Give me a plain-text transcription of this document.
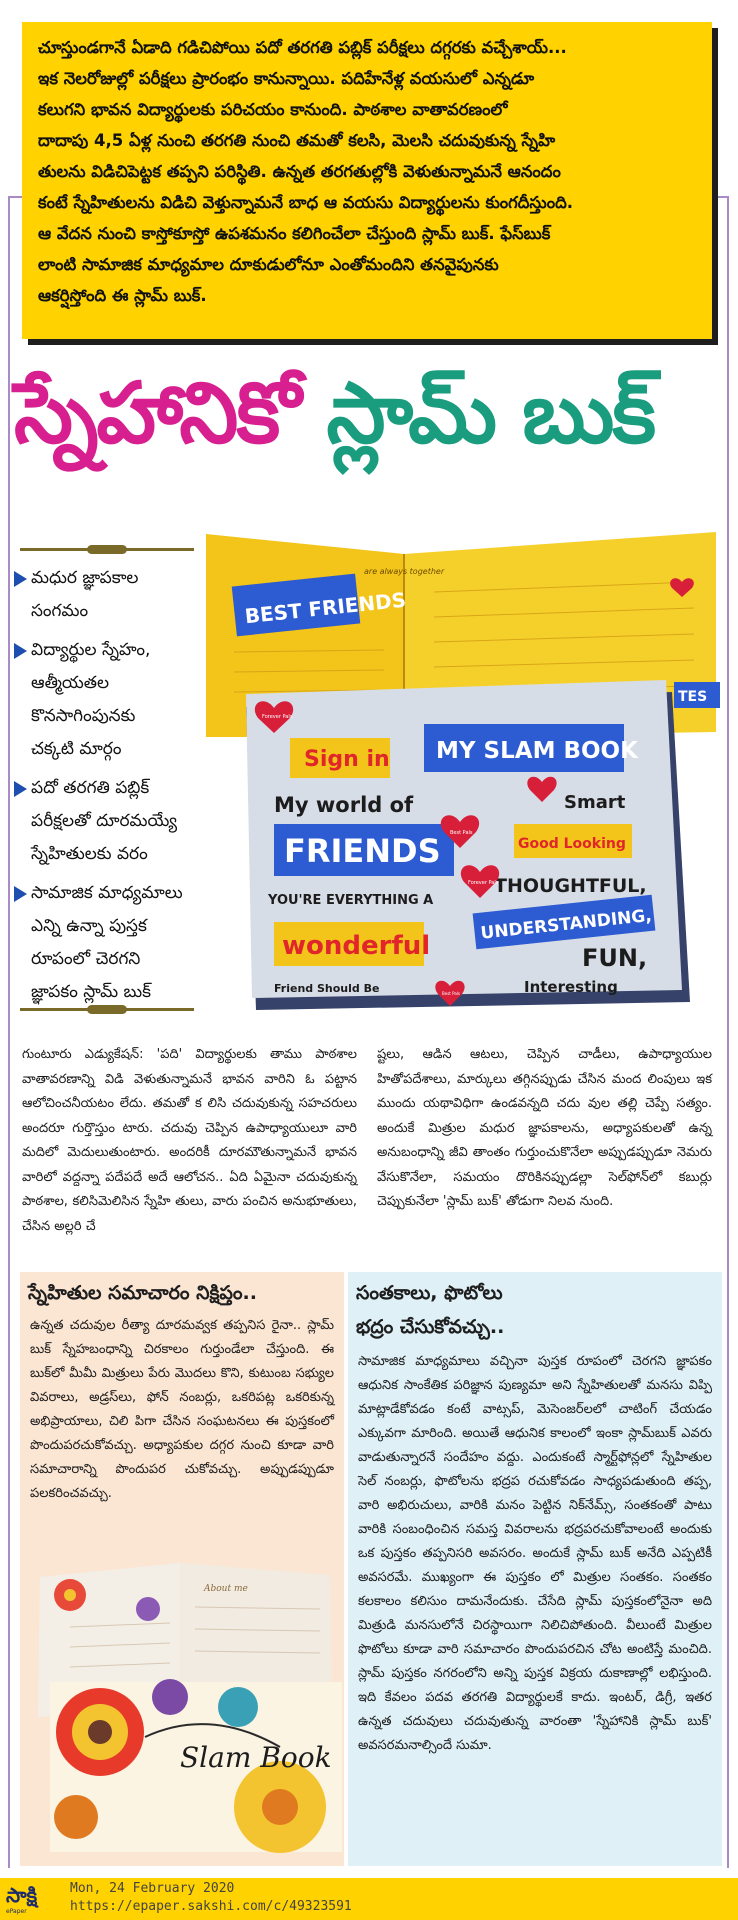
చూస్తుండగానే ఏడాది గడిచిపోయి పదో తరగతి పబ్లిక్ పరీక్షలు దగ్గరకు వచ్చేశాయ్...

ఇక నెలరోజుల్లో పరీక్షలు ప్రారంభం కానున్నాయి. పదిహేనేళ్ల వయసులో ఎన్నడూ

కలుగని భావన విద్యార్థులకు పరిచయం కానుంది. పాఠశాల వాతావరణంలో

దాదాపు 4,5 ఏళ్ల నుంచి తరగతి నుంచి తమతో కలసి, మెలసి చదువుకున్న స్నేహి

తులను విడిచిపెట్టక తప్పని పరిస్థితి. ఉన్నత తరగతుల్లోకి వెళుతున్నామనే ఆనందం

కంటే స్నేహితులను విడిచి వెళ్తున్నామనే బాధ ఆ వయసు విద్యార్థులను కుంగదీస్తుంది.

ఆ వేదన నుంచి కాస్తోకూస్తో ఉపశమనం కలిగించేలా చేస్తుంది స్లామ్ బుక్. ఫేస్‌బుక్

లాంటి సామాజిక మాధ్యమాల దూకుడులోనూ ఎంతోమందిని తనవైపునకు

ఆకర్షిస్తోంది ఈ స్లామ్ బుక్.

స్నేహానికో స్లామ్ బుక్
మధుర జ్ఞాపకాల
సంగమం
విద్యార్థుల స్నేహం,
ఆత్మీయతల
కొనసాగింపునకు
చక్కటి మార్గం
పదో తరగతి పబ్లిక్
పరీక్షలతో దూరమయ్యే
స్నేహితులకు వరం
సామాజిక మాధ్యమాలు
ఎన్ని ఉన్నా పుస్తక
రూపంలో చెరగని
జ్ఞాపకం స్లామ్ బుక్
BEST FRIENDS
are always together
TES
Sign in MY SLAM BOOK
My world of	Smart
FRIENDS	Good Looking
THOUGHTFUL,
YOU'RE EVERYTHING A
UNDERSTANDING,
wonderful	FUN,
Friend Should Be	Interesting
Forever Pals
Best Pals
Forever Pals
Best Pals
గుంటూరు ఎడ్యుకేషన్: 'పది' విద్యార్థులకు తాము పాఠశాల వాతావరణాన్ని విడి వెళుతున్నామనే భావన వారిని ఓ పట్టాన ఆలోచించనీయటం లేదు. తమతో క లిసి చదువుకున్న సహచరులు అందరూ గుర్తొస్తుం టారు. చదువు చెప్పిన ఉపాధ్యాయులూ వారి మదిలో మెదులుతుంటారు. అందరికీ దూరమౌతున్నామనే భావన వారిలో వద్దన్నా పదేపదే అదే ఆలోచన.. ఏది ఏమైనా చదువుకున్న పాఠశాల, కలిసిమెలిసిన స్నేహి తులు, వారు పంచిన అనుభూతులు, చేసిన అల్లరి చే
ష్టలు, ఆడిన ఆటలు, చెప్పిన చాడీలు, ఉపాధ్యాయుల హితోపదేశాలు, మార్కులు తగ్గినప్పుడు చేసిన మంద లింపులు ఇక ముందు యథావిధిగా ఉండవన్నది చదు వుల తల్లి చెప్పే సత్యం. అందుకే మిత్రుల మధుర జ్ఞాపకాలను, అధ్యాపకులతో ఉన్న అనుబంధాన్ని జీవి తాంతం గుర్తుంచుకొనేలా అప్పుడప్పుడూ నెమరు వేసుకొనేలా, సమయం దొరికినప్పుడల్లా సెల్‌ఫోన్‌లో కబుర్లు చెప్పుకునేలా 'స్లామ్ బుక్' తోడుగా నిలవ నుంది.
స్నేహితుల సమాచారం నిక్షిప్తం..
ఉన్నత చదువుల రీత్యా దూరమవ్వక తప్పనిస రైనా.. స్లామ్ బుక్ స్నేహబంధాన్ని చిరకాలం గుర్తుండేలా చేస్తుంది. ఈ బుక్‌లో మీమీ మిత్రులు పేరు మొదలు కొని, కుటుంబ సభ్యుల వివరాలు, అడ్రస్‌లు, ఫోన్ నంబర్లు, ఒకరిపట్ల ఒకరికున్న అభిప్రాయాలు, చిలి పిగా చేసిన సంఘటనలు ఈ పుస్తకంలో పొందుపరచుకోవచ్చు. అధ్యాపకుల దగ్గర నుంచి కూడా వారి సమాచారాన్ని పొందుపర చుకోవచ్చు. అప్పుడప్పుడూ పలకరించవచ్చు.
About me
Slam Book
సంతకాలు, ఫొటోలు
భద్రం చేసుకోవచ్చు..
సామాజిక మాధ్యమాలు వచ్చినా పుస్తక రూపంలో చెరగని జ్ఞాపకం ఆధునిక సాంకేతిక పరిజ్ఞాన పుణ్యమా అని స్నేహితులతో మనసు విప్పి మాట్లాడేకోవడం కంటే వాట్సప్, మెసెంజర్‌లలో చాటింగ్ చేయడం ఎక్కువగా మారింది. అయితే ఆధునిక కాలంలో ఇంకా స్లామ్‌బుక్ ఎవరు వాడుతున్నారనే సందేహం వద్దు. ఎందుకంటే స్మార్ట్‌ఫోన్లలో స్నేహితుల సెల్ నంబర్లు, ఫొటోలను భద్రప రచుకోవడం సాధ్యపడుతుంది తప్ప, వారి అభిరుచులు, వారికి మనం పెట్టిన నిక్‌నేమ్స్, సంతకంతో పాటు వారికి సంబంధించిన సమస్త వివరాలను భద్రపరచుకోవాలంటే అందుకు ఒక పుస్తకం తప్పనిసరి అవసరం. అందుకే స్లామ్ బుక్ అనేది ఎప్పటికీ అవసరమే. ముఖ్యంగా ఈ పుస్తకం లో మిత్రుల సంతకం. సంతకం కలకాలం కలిసుం దామనేందుకు. చేసేది స్లామ్ పుస్తకంలోనైనా అది మిత్రుడి మనసులోనే చిరస్థాయిగా నిలిచిపోతుంది. వీలుంటే మిత్రుల ఫొటోలు కూడా వారి సమాచారం పొందుపరచిన చోట అంటిస్తే మంచిది. స్లామ్ పుస్తకం నగరంలోని అన్ని పుస్తక విక్రయ దుకాణాల్లో లభిస్తుంది. ఇది కేవలం పదవ తరగతి విద్యార్థులకే కాదు. ఇంటర్, డిగ్రీ, ఇతర ఉన్నత చదువులు చదువుతున్న వారంతా 'స్నేహానికి స్లామ్ బుక్' అవసరమనాల్సిందే సుమా.
సాక్షి
ePaper
Mon, 24 February 2020
https://epaper.sakshi.com/c/49323591
